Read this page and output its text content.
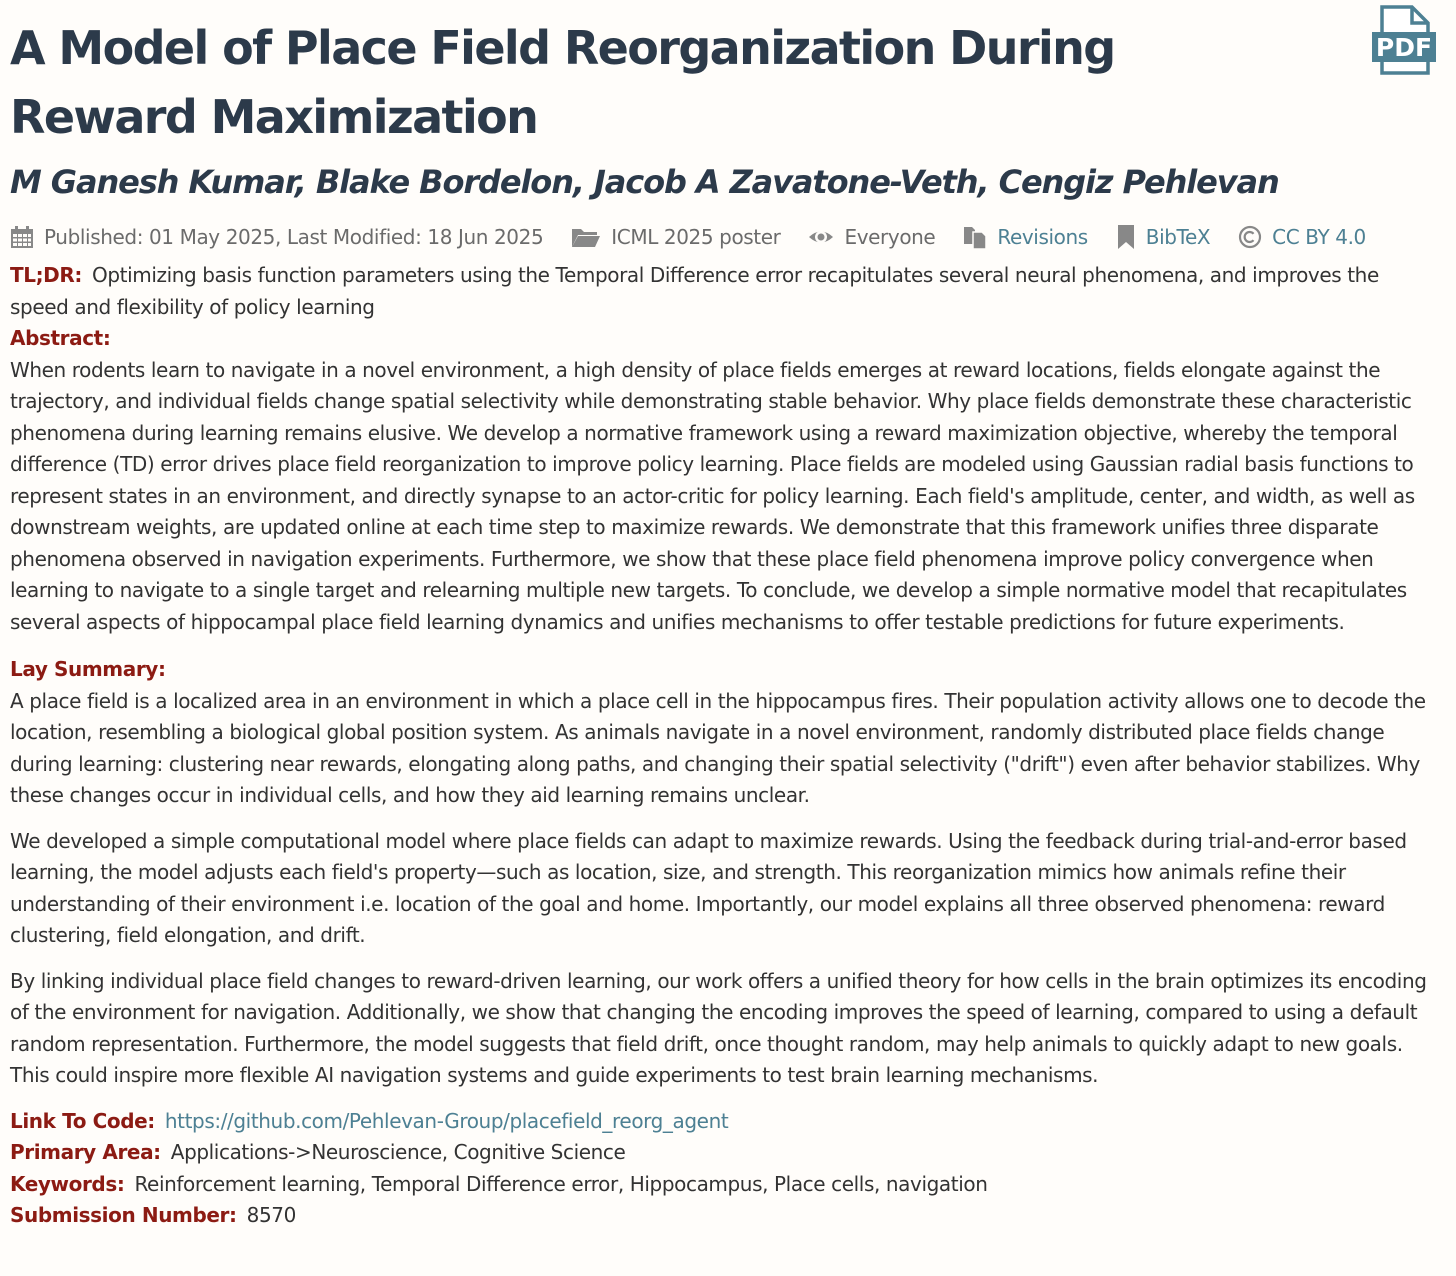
A Model of Place Field Reorganization During Reward Maximization
PDF
M Ganesh Kumar, Blake Bordelon, Jacob A Zavatone-Veth, Cengiz Pehlevan
Published: 01 May 2025, Last Modified: 18 Jun 2025	ICML 2025 poster	Everyone	Revisions	BibTeX	CC BY 4.0
TL;DR: Optimizing basis function parameters using the Temporal Difference error recapitulates several neural phenomena, and improves the speed and flexibility of policy learning
Abstract:
When rodents learn to navigate in a novel environment, a high density of place fields emerges at reward locations, fields elongate against the trajectory, and individual fields change spatial selectivity while demonstrating stable behavior. Why place fields demonstrate these characteristic phenomena during learning remains elusive. We develop a normative framework using a reward maximization objective, whereby the temporal difference (TD) error drives place field reorganization to improve policy learning. Place fields are modeled using Gaussian radial basis functions to represent states in an environment, and directly synapse to an actor-critic for policy learning. Each field's amplitude, center, and width, as well as downstream weights, are updated online at each time step to maximize rewards. We demonstrate that this framework unifies three disparate phenomena observed in navigation experiments. Furthermore, we show that these place field phenomena improve policy convergence when learning to navigate to a single target and relearning multiple new targets. To conclude, we develop a simple normative model that recapitulates several aspects of hippocampal place field learning dynamics and unifies mechanisms to offer testable predictions for future experiments.
Lay Summary:

A place field is a localized area in an environment in which a place cell in the hippocampus fires. Their population activity allows one to decode the location, resembling a biological global position system. As animals navigate in a novel environment, randomly distributed place fields change during learning: clustering near rewards, elongating along paths, and changing their spatial selectivity ("drift") even after behavior stabilizes. Why these changes occur in individual cells, and how they aid learning remains unclear.

We developed a simple computational model where place fields can adapt to maximize rewards. Using the feedback during trial-and-error based learning, the model adjusts each field's property—such as location, size, and strength. This reorganization mimics how animals refine their understanding of their environment i.e. location of the goal and home. Importantly, our model explains all three observed phenomena: reward clustering, field elongation, and drift.

By linking individual place field changes to reward-driven learning, our work offers a unified theory for how cells in the brain optimizes its encoding of the environment for navigation. Additionally, we show that changing the encoding improves the speed of learning, compared to using a default random representation. Furthermore, the model suggests that field drift, once thought random, may help animals to quickly adapt to new goals. This could inspire more flexible AI navigation systems and guide experiments to test brain learning mechanisms.

Link To Code: https://github.com/Pehlevan-Group/placefield_reorg_agent
Primary Area: Applications->Neuroscience, Cognitive Science
Keywords: Reinforcement learning, Temporal Difference error, Hippocampus, Place cells, navigation
Submission Number: 8570
